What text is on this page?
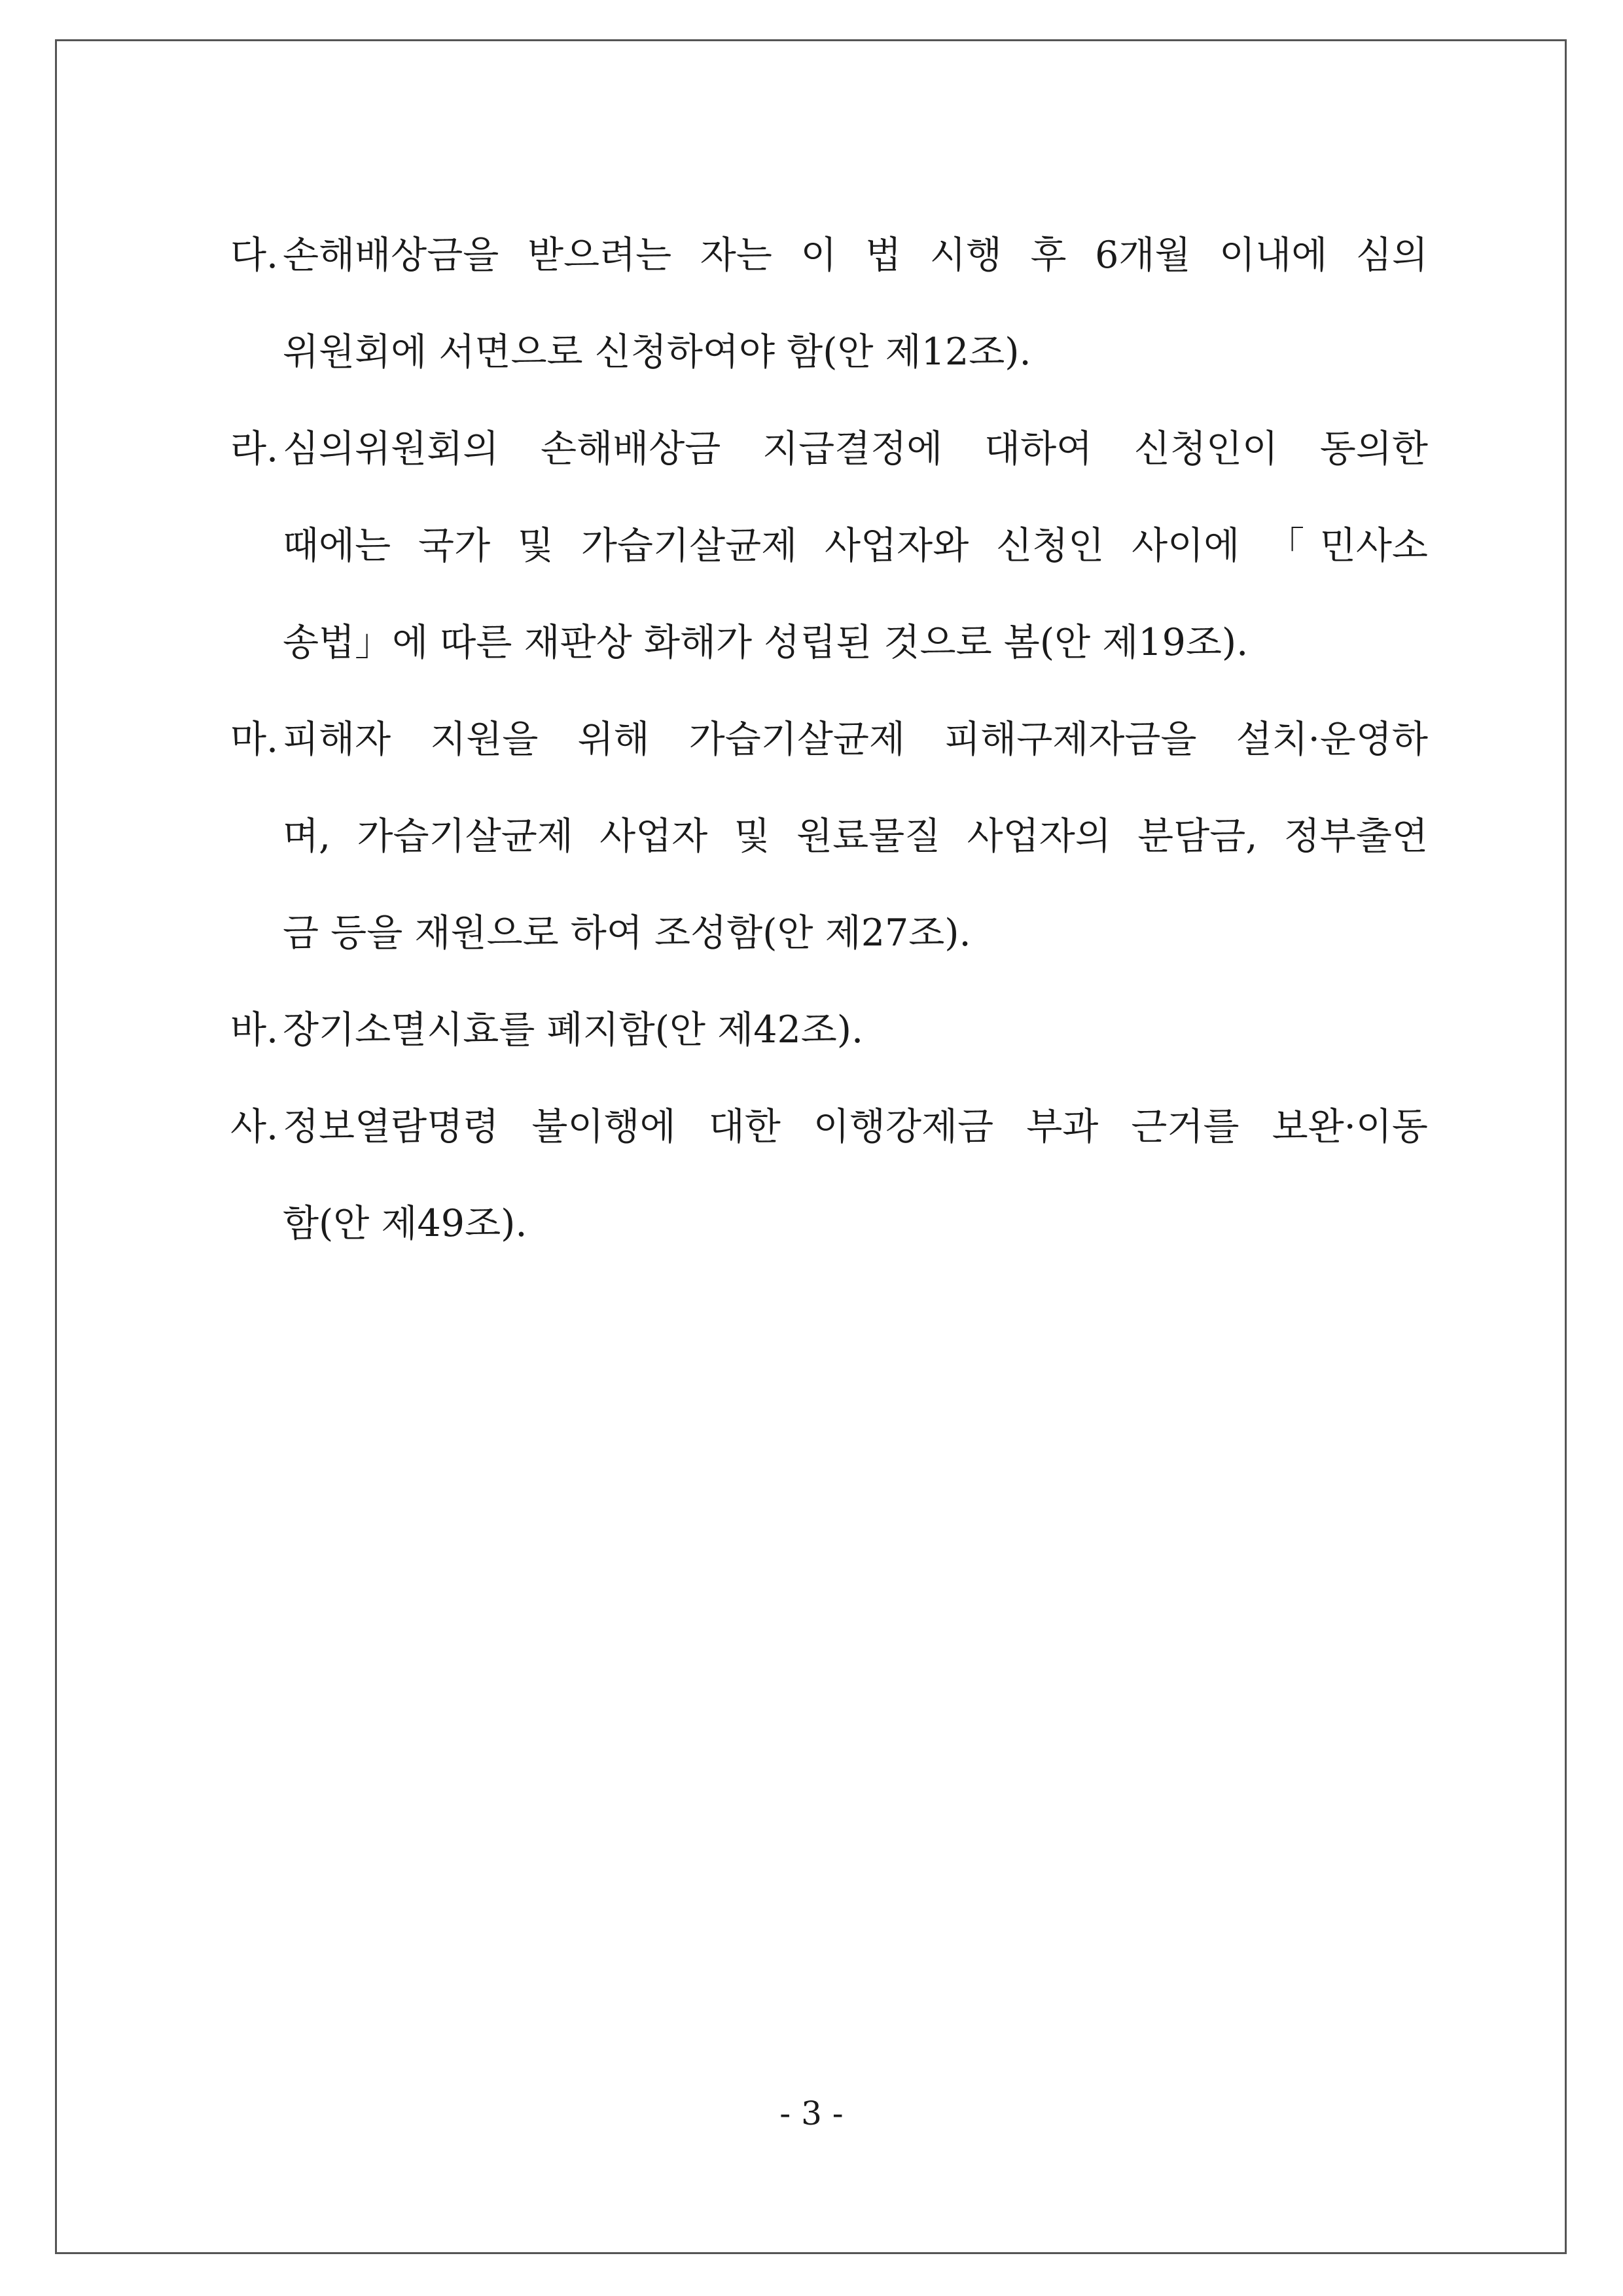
다. 손해배상금을 받으려는 자는 이 법 시행 후 6개월 이내에 심의
위원회에 서면으로 신청하여야 함(안 제12조).
라. 심의위원회의 손해배상금 지급결정에 대하여 신청인이 동의한
때에는 국가 및 가습기살균제 사업자와 신청인 사이에 「민사소
송법」에 따른 재판상 화해가 성립된 것으로 봄(안 제19조).
마. 피해자 지원을 위해 가습기살균제 피해구제자금을 설치·운영하
며, 가습기살균제 사업자 및 원료물질 사업자의 분담금, 정부출연
금 등을 재원으로 하여 조성함(안 제27조).
바. 장기소멸시효를 폐지함(안 제42조).
사. 정보열람명령 불이행에 대한 이행강제금 부과 근거를 보완·이동
함(안 제49조).
- 3 -
